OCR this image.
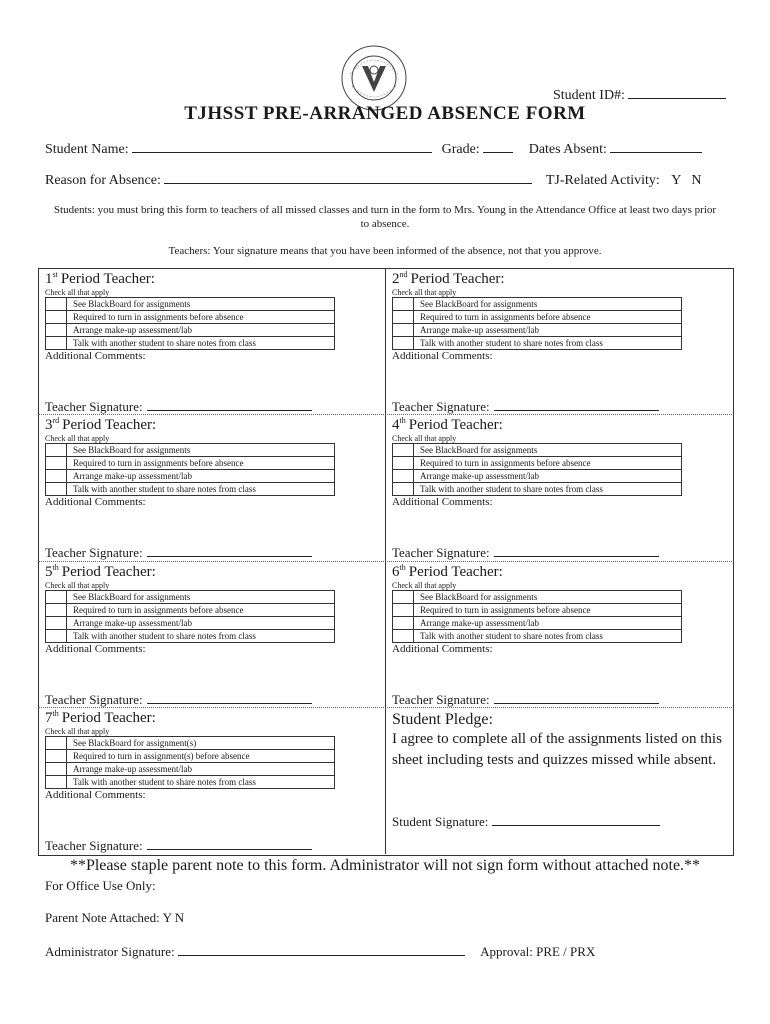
Student ID#:
TJHSST PRE-ARRANGED ABSENCE FORM
Student Name:	Grade:	Dates Absent:
Reason for Absence:	TJ-Related Activity: Y   N
Students: you must bring this form to teachers of all missed classes and turn in the form to Mrs. Young in the Attendance Office at least two days prior to absence.
Teachers: Your signature means that you have been informed of the absence, not that you approve.
1st Period Teacher:
Check all that apply
	See BlackBoard for assignments
	Required to turn in assignments before absence
	Arrange make-up assessment/lab
	Talk with another student to share notes from class
Additional Comments:
Teacher Signature:
2nd Period Teacher:
Check all that apply
	See BlackBoard for assignments
	Required to turn in assignments before absence
	Arrange make-up assessment/lab
	Talk with another student to share notes from class
Additional Comments:
Teacher Signature:
3rd Period Teacher:
Check all that apply
	See BlackBoard for assignments
	Required to turn in assignments before absence
	Arrange make-up assessment/lab
	Talk with another student to share notes from class
Additional Comments:
Teacher Signature:
4th Period Teacher:
Check all that apply
	See BlackBoard for assignments
	Required to turn in assignments before absence
	Arrange make-up assessment/lab
	Talk with another student to share notes from class
Additional Comments:
Teacher Signature:
5th Period Teacher:
Check all that apply
	See BlackBoard for assignments
	Required to turn in assignments before absence
	Arrange make-up assessment/lab
	Talk with another student to share notes from class
Additional Comments:
Teacher Signature:
6th Period Teacher:
Check all that apply
	See BlackBoard for assignments
	Required to turn in assignments before absence
	Arrange make-up assessment/lab
	Talk with another student to share notes from class
Additional Comments:
Teacher Signature:
7th Period Teacher:
Check all that apply
	See BlackBoard for assignment(s)
	Required to turn in assignment(s) before absence
	Arrange make-up assessment/lab
	Talk with another student to share notes from class
Additional Comments:
Teacher Signature:
Student Pledge:
I agree to complete all of the assignments listed on this sheet including tests and quizzes missed while absent.
Student Signature:
**Please staple parent note to this form. Administrator will not sign form without attached note.**
For Office Use Only:
Parent Note Attached: Y N
Administrator Signature:	Approval: PRE / PRX
